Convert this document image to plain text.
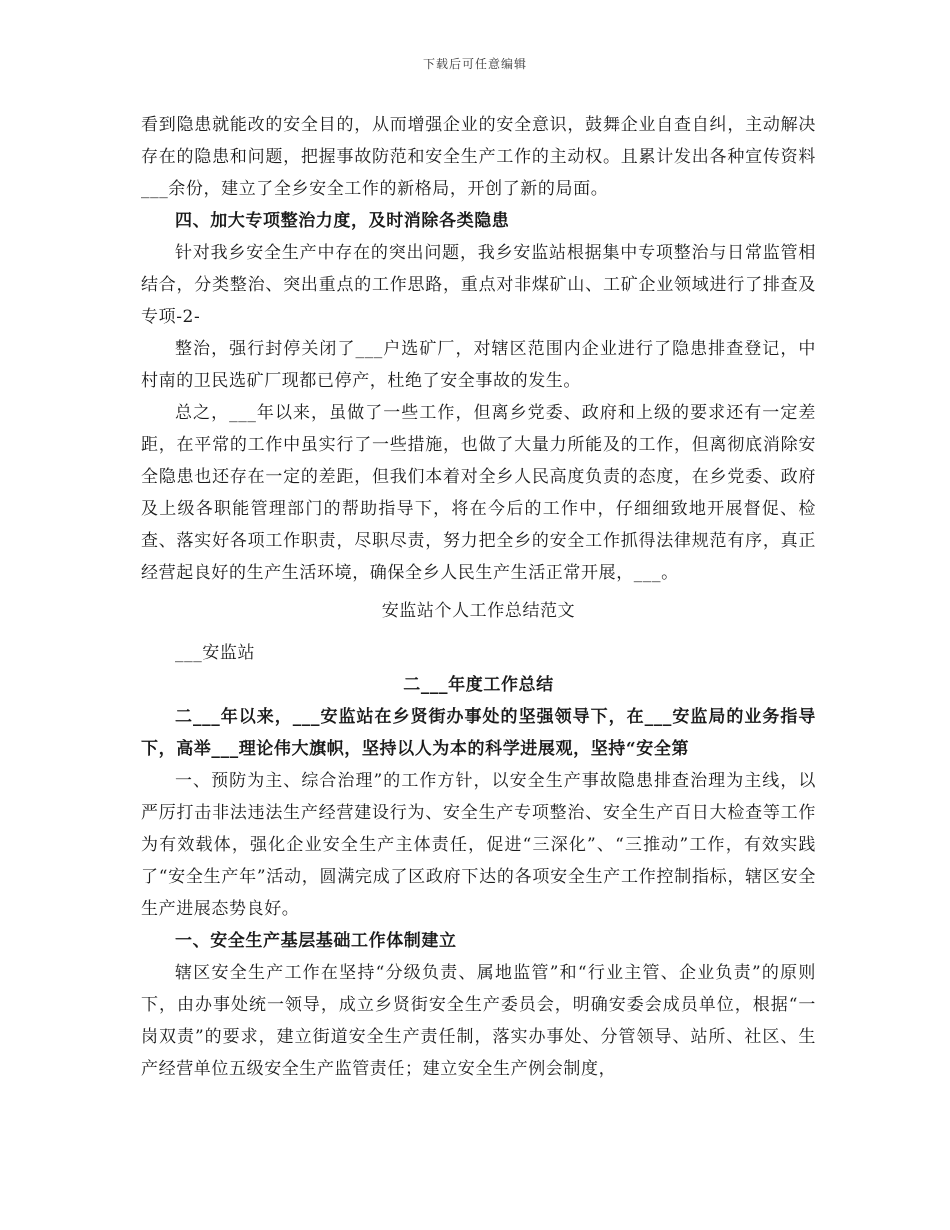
下载后可任意编辑

看到隐患就能改的安全目的，从而增强企业的安全意识，鼓舞企业自查自纠，主动解决存在的隐患和问题，把握事故防范和安全生产工作的主动权。且累计发出各种宣传资料___余份，建立了全乡安全工作的新格局，开创了新的局面。

四、加大专项整治力度，及时消除各类隐患

针对我乡安全生产中存在的突出问题，我乡安监站根据集中专项整治与日常监管相结合，分类整治、突出重点的工作思路，重点对非煤矿山、工矿企业领域进行了排查及专项-2-

整治，强行封停关闭了___户选矿厂，对辖区范围内企业进行了隐患排查登记，中村南的卫民选矿厂现都已停产，杜绝了安全事故的发生。

总之，___年以来，虽做了一些工作，但离乡党委、政府和上级的要求还有一定差距，在平常的工作中虽实行了一些措施，也做了大量力所能及的工作，但离彻底消除安全隐患也还存在一定的差距，但我们本着对全乡人民高度负责的态度，在乡党委、政府及上级各职能管理部门的帮助指导下，将在今后的工作中，仔细细致地开展督促、检查、落实好各项工作职责，尽职尽责，努力把全乡的安全工作抓得法律规范有序，真正经营起良好的生产生活环境，确保全乡人民生产生活正常开展，___。

安监站个人工作总结范文

___安监站

二___年度工作总结

二___年以来，___安监站在乡贤街办事处的坚强领导下，在___安监局的业务指导下，高举___理论伟大旗帜，坚持以人为本的科学进展观，坚持“安全第

一、预防为主、综合治理”的工作方针，以安全生产事故隐患排查治理为主线，以严厉打击非法违法生产经营建设行为、安全生产专项整治、安全生产百日大检查等工作为有效载体，强化企业安全生产主体责任，促进“三深化”、“三推动”工作，有效实践了“安全生产年”活动，圆满完成了区政府下达的各项安全生产工作控制指标，辖区安全生产进展态势良好。

一、安全生产基层基础工作体制建立

辖区安全生产工作在坚持“分级负责、属地监管”和“行业主管、企业负责”的原则下，由办事处统一领导，成立乡贤街安全生产委员会，明确安委会成员单位，根据“一岗双责”的要求，建立街道安全生产责任制，落实办事处、分管领导、站所、社区、生产经营单位五级安全生产监管责任；建立安全生产例会制度，
